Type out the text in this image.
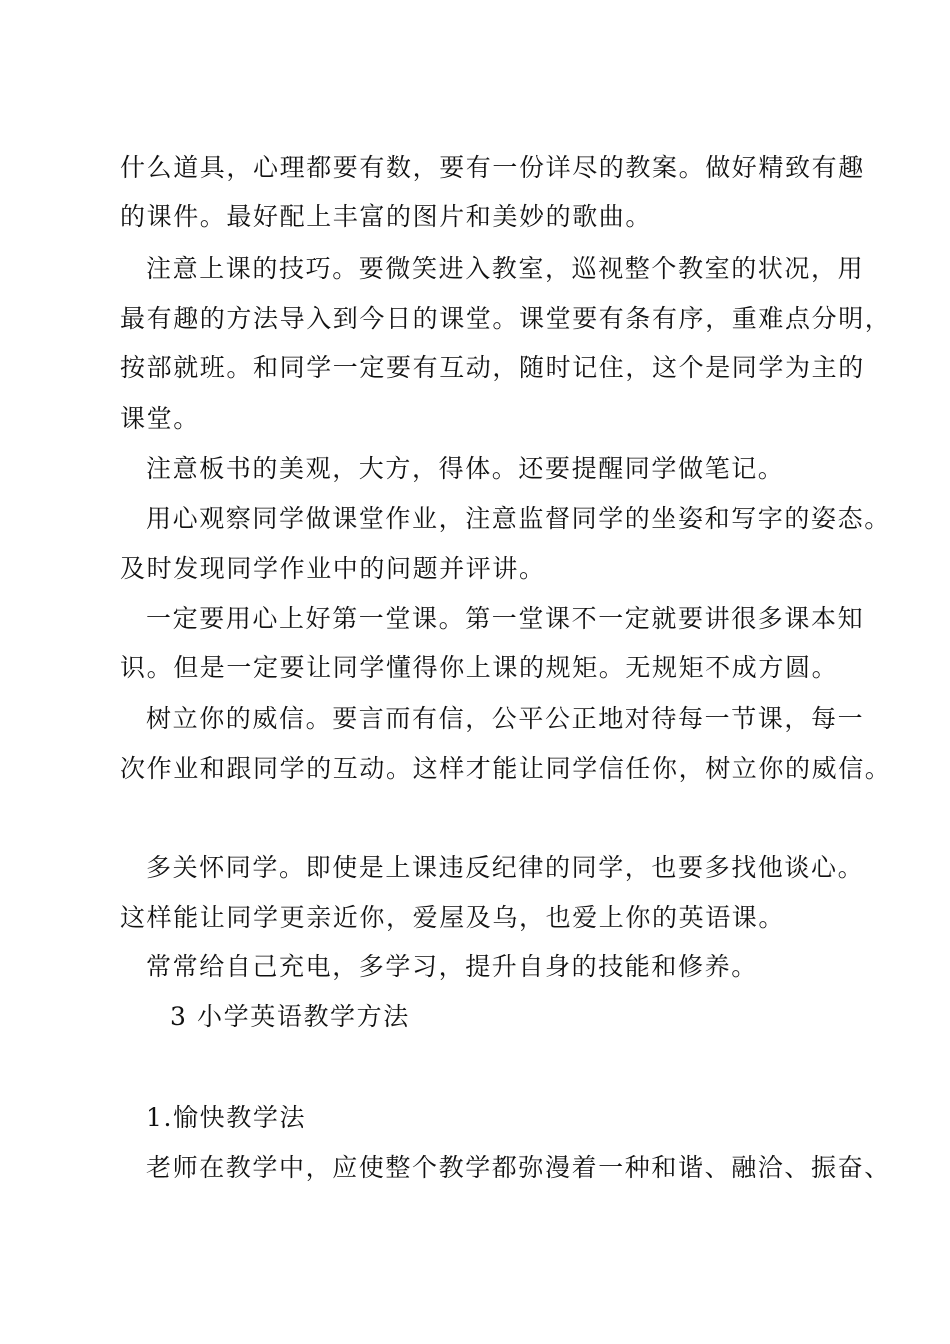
什么道具，心理都要有数，要有一份详尽的教案。做好精致有趣
的课件。最好配上丰富的图片和美妙的歌曲。
注意上课的技巧。要微笑进入教室，巡视整个教室的状况，用
最有趣的方法导入到今日的课堂。课堂要有条有序，重难点分明，
按部就班。和同学一定要有互动，随时记住，这个是同学为主的
课堂。
注意板书的美观，大方，得体。还要提醒同学做笔记。
用心观察同学做课堂作业，注意监督同学的坐姿和写字的姿态。
及时发现同学作业中的问题并评讲。
一定要用心上好第一堂课。第一堂课不一定就要讲很多课本知
识。但是一定要让同学懂得你上课的规矩。无规矩不成方圆。
树立你的威信。要言而有信，公平公正地对待每一节课，每一
次作业和跟同学的互动。这样才能让同学信任你，树立你的威信。
多关怀同学。即使是上课违反纪律的同学，也要多找他谈心。
这样能让同学更亲近你，爱屋及乌，也爱上你的英语课。
常常给自己充电，多学习，提升自身的技能和修养。
3 小学英语教学方法
1.愉快教学法
老师在教学中，应使整个教学都弥漫着一种和谐、融洽、振奋、
